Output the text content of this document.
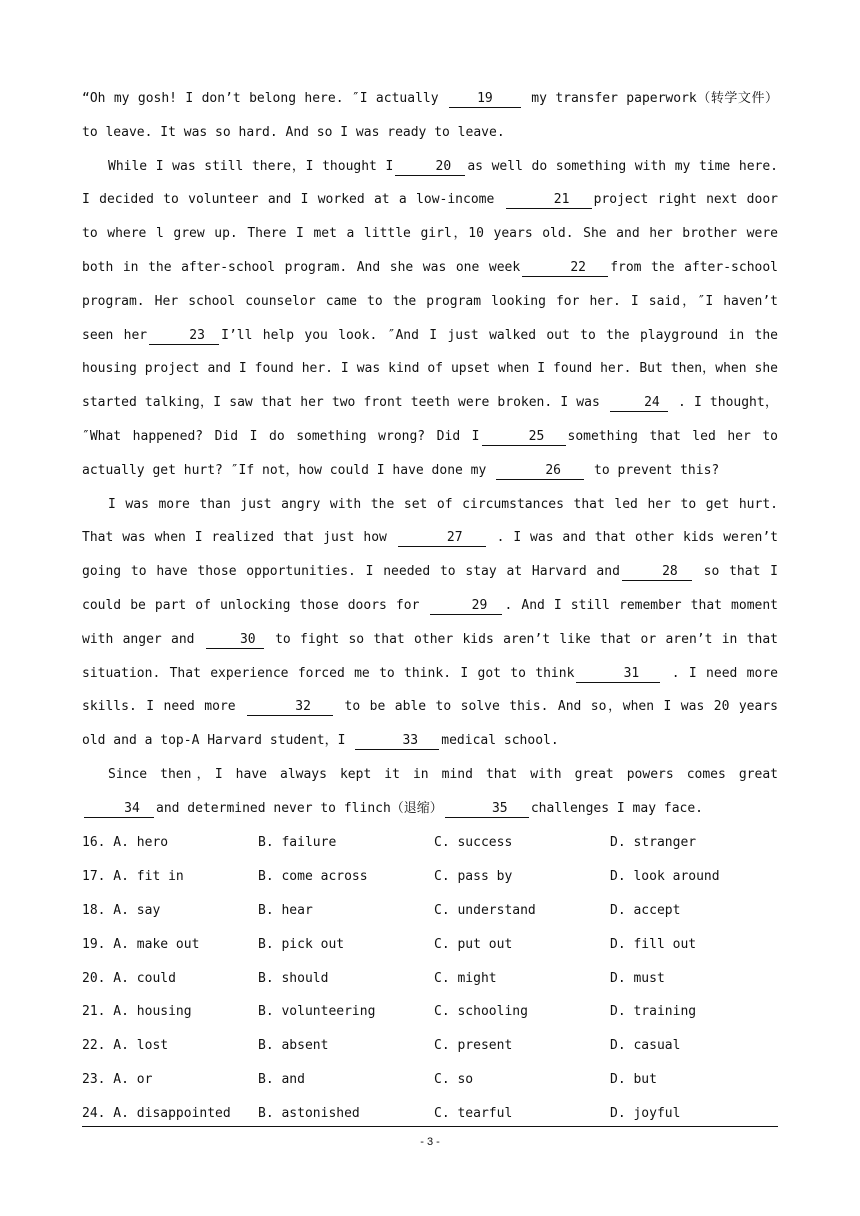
“Oh my gosh! I don’t belong here. ″I actually 19 my transfer paperwork（转学文件） to leave. It was so hard. And so I was ready to leave.

While I was still there，I thought I	20 as well do something with my time here. I decided to volunteer and I worked at a low-income	21 project right next door to where l grew up. There I met a little girl，10 years old. She and her brother were both in the after-school program. And she was one week	22 from the after-school program. Her school counselor came to the program looking for her. I said，″I haven’t seen her	23 I’ll help you look. ″And I just walked out to the playground in the housing project and I found her. I was kind of upset when I found her. But then，when she started talking，I saw that her two front teeth were broken. I was	24 . I thought，″What happened? Did I do something wrong? Did I	25 something that led her to actually get hurt? ″If not，how could I have done my	26 to prevent this?

I was more than just angry with the set of circumstances that led her to get hurt. That was when I realized that just how	27 . I was and that other kids weren’t going to have those opportunities. I needed to stay at Harvard and	28 so that I could be part of unlocking those doors for	29 . And I still remember that moment with anger and	30 to fight so that other kids aren’t like that or aren’t in that situation. That experience forced me to think. I got to think	31 . I need more skills. I need more	32 to be able to solve this. And so，when I was 20 years old and a top-A Harvard student，I	33 medical school.

Since then，I have always kept it in mind that with great powers comes great 34 and determined never to flinch（退缩）	35 challenges I may face.

16. A. hero	B. failure	C. success	D. stranger
17. A. fit in	B. come across	C. pass by	D. look around
18. A. say	B. hear	C. understand	D. accept
19. A. make out	B. pick out	C. put out	D. fill out
20. A. could	B. should	C. might	D. must
21. A. housing	B. volunteering	C. schooling	D. training
22. A. lost	B. absent	C. present	D. casual
23. A. or	B. and	C. so	D. but
24. A. disappointed	B. astonished	C. tearful	D. joyful
- 3 -
